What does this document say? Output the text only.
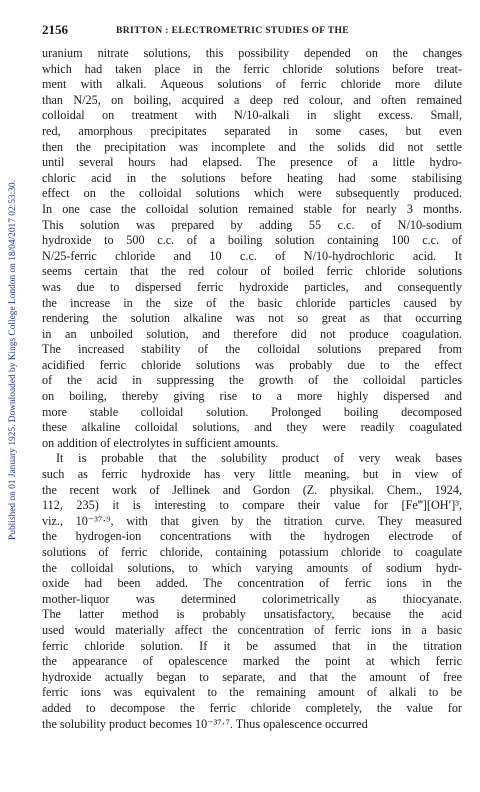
2156	BRITTON : ELECTROMETRIC STUDIES OF THE
Published on 01 January 1925. Downloaded by Kings College London on 18/04/2017 02:53:30.
uranium nitrate solutions, this possibility depended on the changes
which had taken place in the ferric chloride solutions before treat-
ment with alkali. Aqueous solutions of ferric chloride more dilute
than N/25, on boiling, acquired a deep red colour, and often remained
colloidal on treatment with N/10-alkali in slight excess. Small,
red, amorphous precipitates separated in some cases, but even
then the precipitation was incomplete and the solids did not settle
until several hours had elapsed. The presence of a little hydro-
chloric acid in the solutions before heating had some stabilising
effect on the colloidal solutions which were subsequently produced.
In one case the colloidal solution remained stable for nearly 3 months.
This solution was prepared by adding 55 c.c. of N/10-sodium
hydroxide to 500 c.c. of a boiling solution containing 100 c.c. of
N/25-ferric chloride and 10 c.c. of N/10-hydrochloric acid. It
seems certain that the red colour of boiled ferric chloride solutions
was due to dispersed ferric hydroxide particles, and consequently
the increase in the size of the basic chloride particles caused by
rendering the solution alkaline was not so great as that occurring
in an unboiled solution, and therefore did not produce coagulation.
The increased stability of the colloidal solutions prepared from
acidified ferric chloride solutions was probably due to the effect
of the acid in suppressing the growth of the colloidal particles
on boiling, thereby giving rise to a more highly dispersed and
more stable colloidal solution. Prolonged boiling decomposed
these alkaline colloidal solutions, and they were readily coagulated
on addition of electrolytes in sufficient amounts.
It is probable that the solubility product of very weak bases
such as ferric hydroxide has very little meaning, but in view of
the recent work of Jellinek and Gordon (Z. physikal. Chem., 1924,
112, 235) it is interesting to compare their value for [Fe‴][OH′]³,
viz., 10⁻³⁷·⁹, with that given by the titration curve. They measured
the hydrogen-ion concentrations with the hydrogen electrode of
solutions of ferric chloride, containing potassium chloride to coagulate
the colloidal solutions, to which varying amounts of sodium hydr-
oxide had been added. The concentration of ferric ions in the
mother-liquor was determined colorimetrically as thiocyanate.
The latter method is probably unsatisfactory, because the acid
used would materially affect the concentration of ferric ions in a basic
ferric chloride solution. If it be assumed that in the titration
the appearance of opalescence marked the point at which ferric
hydroxide actually began to separate, and that the amount of free
ferric ions was equivalent to the remaining amount of alkali to be
added to decompose the ferric chloride completely, the value for
the solubility product becomes 10⁻³⁷·⁷. Thus opalescence occurred
